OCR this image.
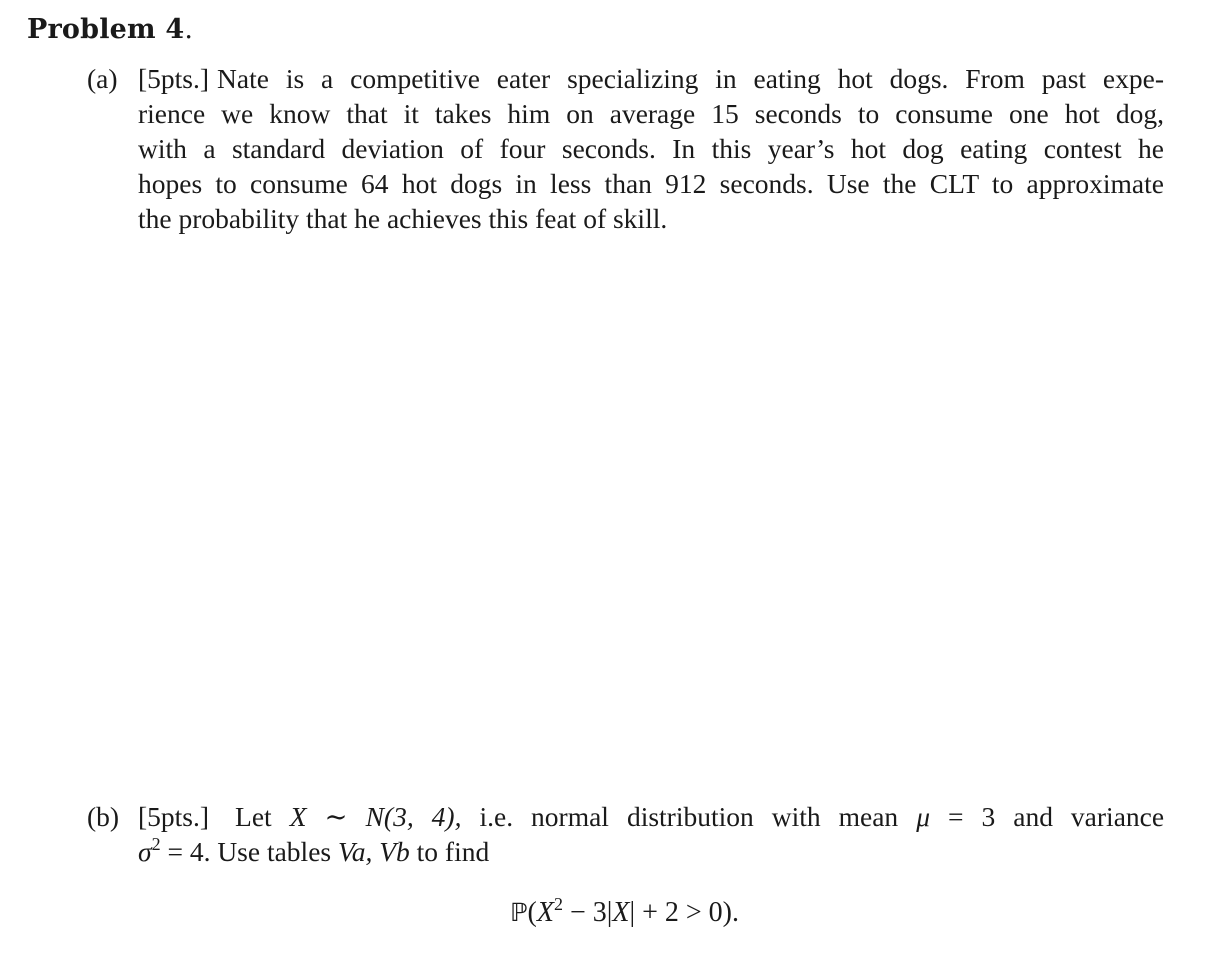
Problem 4.
(a) [5pts.] Nate is a competitive eater specializing in eating hot dogs. From past expe-
rience we know that it takes him on average 15 seconds to consume one hot dog,
with a standard deviation of four seconds. In this year’s hot dog eating contest he
hopes to consume 64 hot dogs in less than 912 seconds. Use the CLT to approximate
the probability that he achieves this feat of skill.
(b) [5pts.] Let X ∼ N(3, 4), i.e. normal distribution with mean μ = 3 and variance
$\sigma^2 = 4$. Use tables Va, Vb to find
$ℙ(X^2 - 3|X| + 2 > 0)$.
